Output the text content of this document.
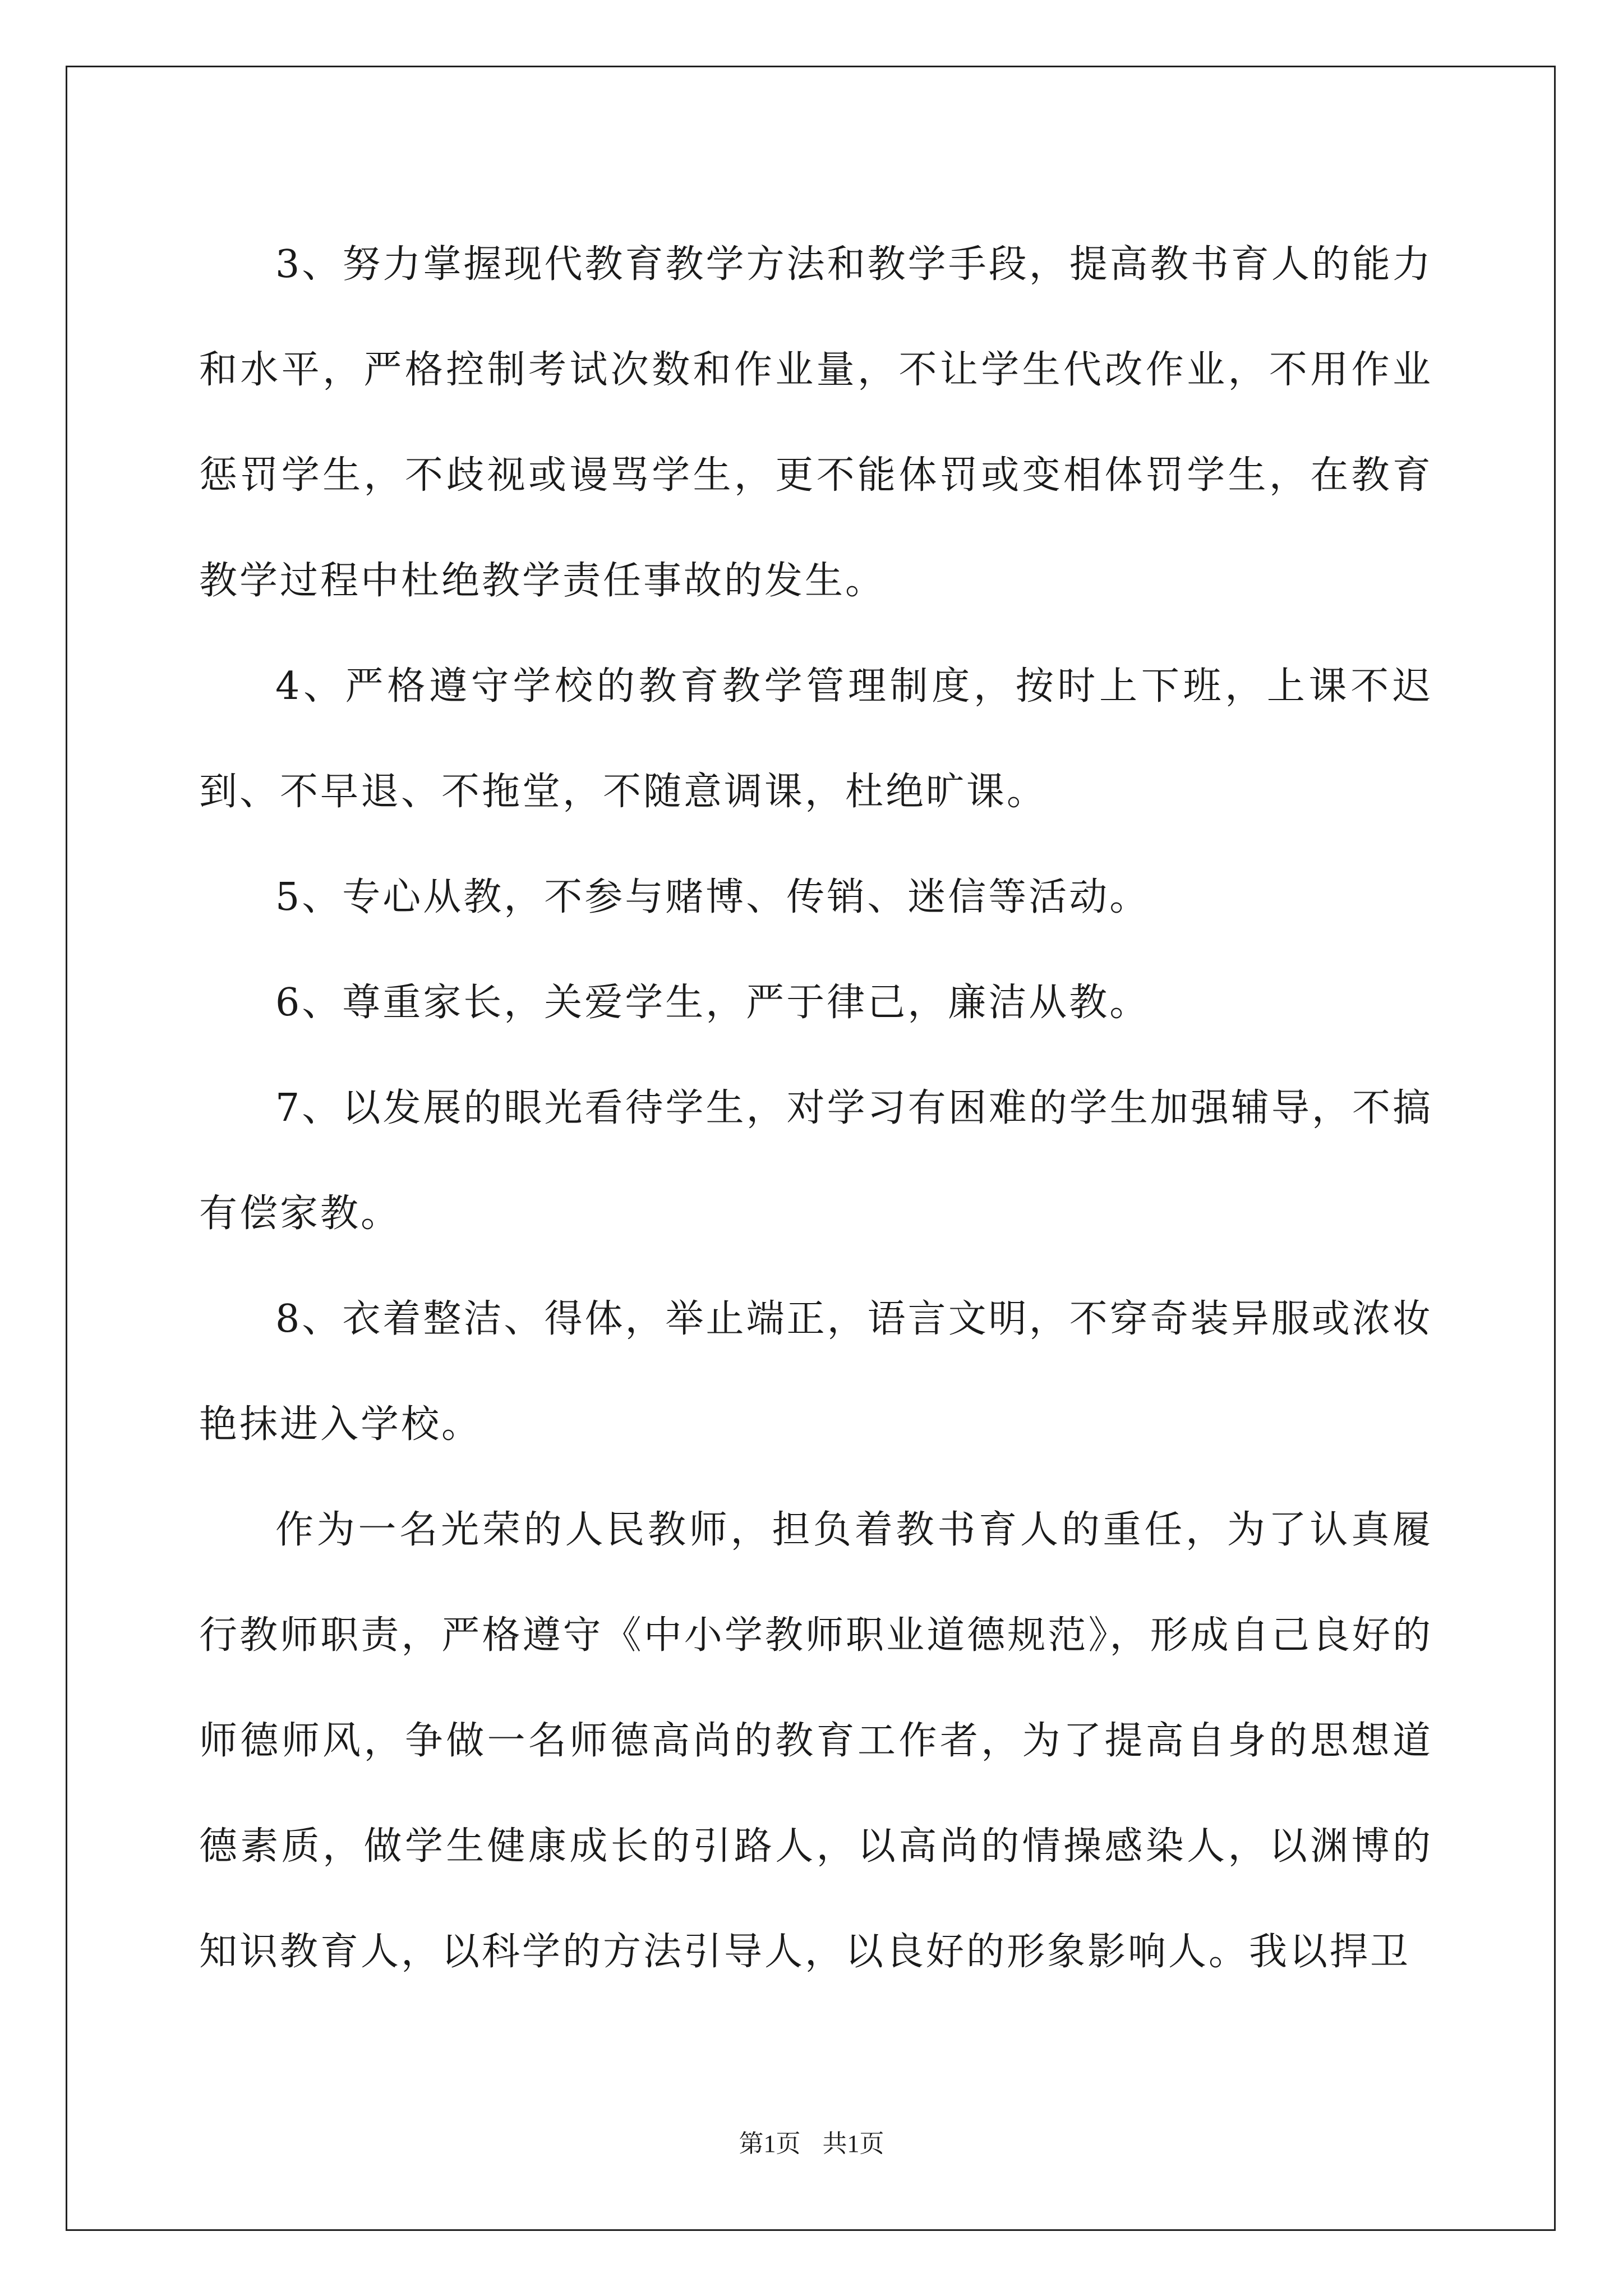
3、努力掌握现代教育教学方法和教学手段，提高教书育人的能力和水平，严格控制考试次数和作业量，不让学生代改作业，不用作业惩罚学生，不歧视或谩骂学生，更不能体罚或变相体罚学生，在教育教学过程中杜绝教学责任事故的发生。

4、严格遵守学校的教育教学管理制度，按时上下班，上课不迟到、不早退、不拖堂，不随意调课，杜绝旷课。

5、专心从教，不参与赌博、传销、迷信等活动。

6、尊重家长，关爱学生，严于律己，廉洁从教。

7、以发展的眼光看待学生，对学习有困难的学生加强辅导，不搞有偿家教。

8、衣着整洁、得体，举止端正，语言文明，不穿奇装异服或浓妆艳抹进入学校。

作为一名光荣的人民教师，担负着教书育人的重任，为了认真履行教师职责，严格遵守《中小学教师职业道德规范》，形成自己良好的师德师风，争做一名师德高尚的教育工作者，为了提高自身的思想道德素质，做学生健康成长的引路人，以高尚的情操感染人，以渊博的知识教育人，以科学的方法引导人，以良好的形象影响人。我以捍卫

第1页 共1页
